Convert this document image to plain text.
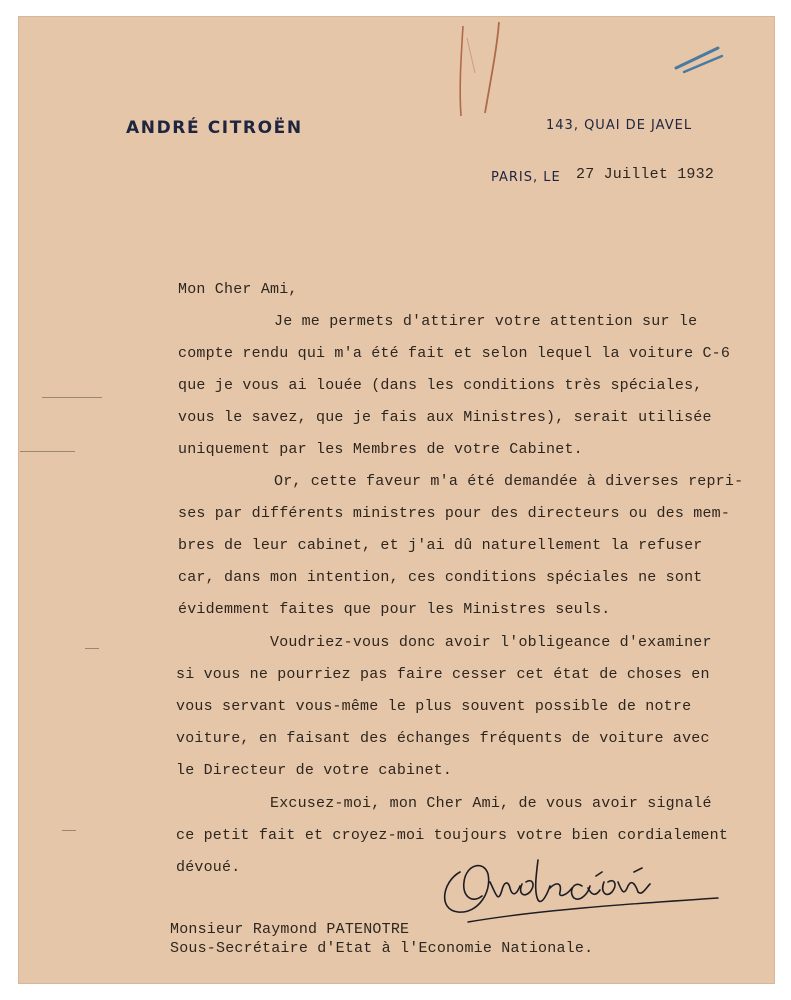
ANDRÉ CITROËN	143, QUAI DE JAVEL
PARIS, LE 27 Juillet 1932
Mon Cher Ami,
Je me permets d'attirer votre attention sur le
compte rendu qui m'a été fait et selon lequel la voiture C-6
que je vous ai louée (dans les conditions très spéciales,
vous le savez, que je fais aux Ministres), serait utilisée
uniquement par les Membres de votre Cabinet.
Or, cette faveur m'a été demandée à diverses repri-
ses par différents ministres pour des directeurs ou des mem-
bres de leur cabinet, et j'ai dû naturellement la refuser
car, dans mon intention, ces conditions spéciales ne sont
évidemment faites que pour les Ministres seuls.
Voudriez-vous donc avoir l'obligeance d'examiner
si vous ne pourriez pas faire cesser cet état de choses en
vous servant vous-même le plus souvent possible de notre
voiture, en faisant des échanges fréquents de voiture avec
le Directeur de votre cabinet.
Excusez-moi, mon Cher Ami, de vous avoir signalé
ce petit fait et croyez-moi toujours votre bien cordialement
dévoué.
Monsieur Raymond PATENOTRE
Sous-Secrétaire d'Etat à l'Economie Nationale.
